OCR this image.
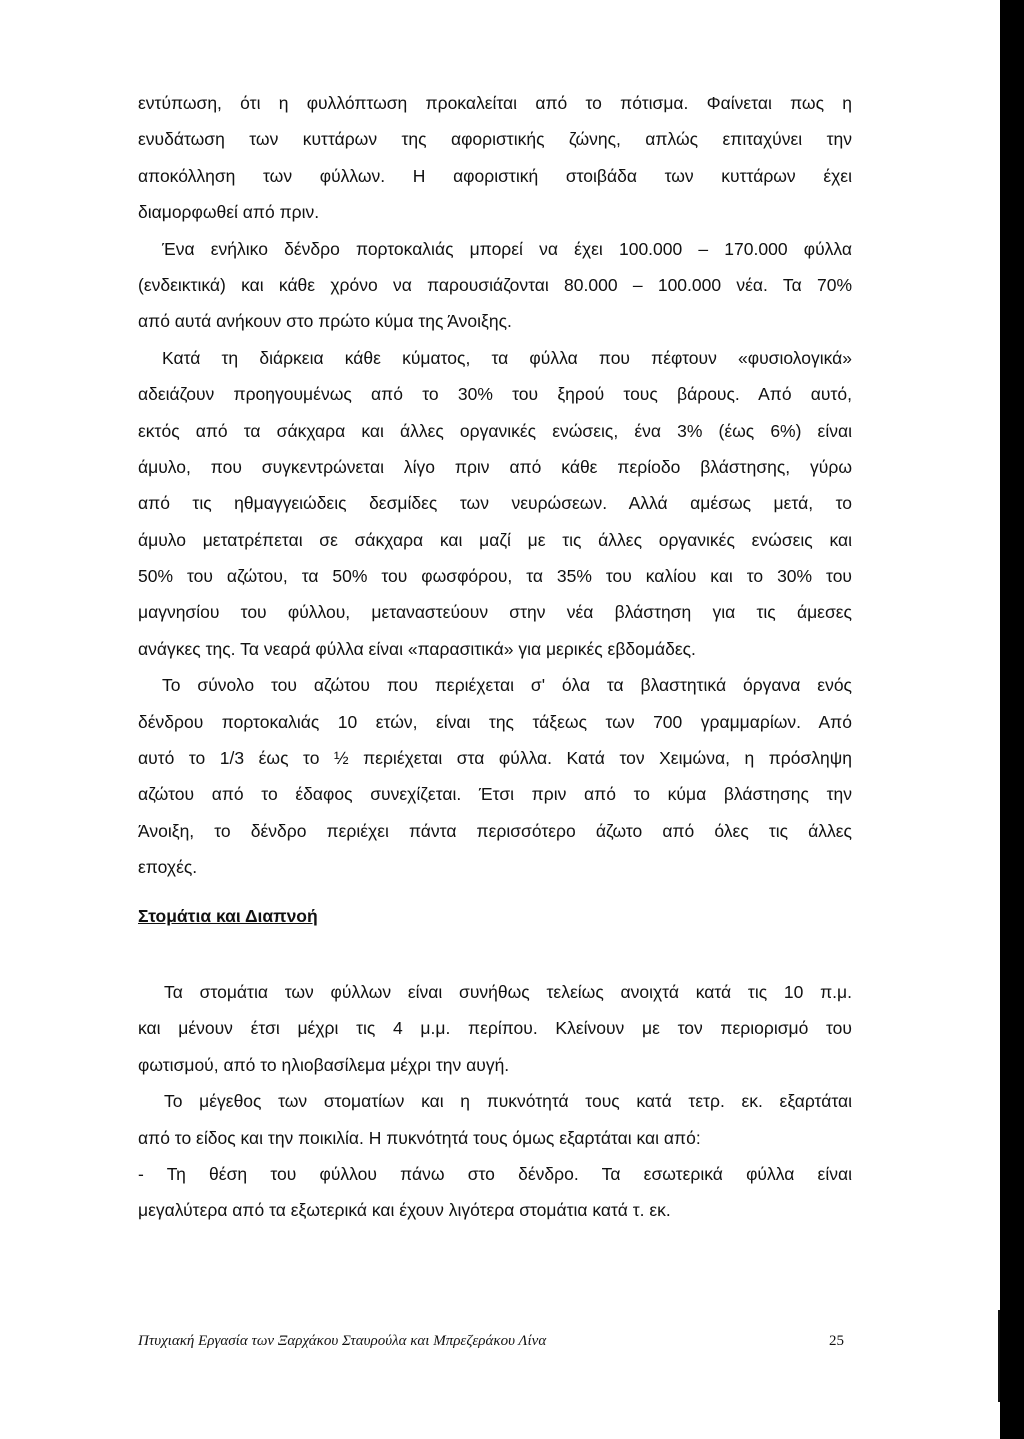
εντύπωση, ότι η φυλλόπτωση προκαλείται από το πότισμα. Φαίνεται πως η
ενυδάτωση των κυττάρων της αφοριστικής ζώνης, απλώς επιταχύνει την
αποκόλληση των φύλλων. Η αφοριστική στοιβάδα των κυττάρων έχει
διαμορφωθεί από πριν.
Ένα ενήλικο δένδρο πορτοκαλιάς μπορεί να έχει 100.000 – 170.000 φύλλα
(ενδεικτικά) και κάθε χρόνο να παρουσιάζονται 80.000 – 100.000 νέα. Τα 70%
από αυτά ανήκουν στο πρώτο κύμα της Άνοιξης.
Κατά τη διάρκεια κάθε κύματος, τα φύλλα που πέφτουν «φυσιολογικά»
αδειάζουν προηγουμένως από το 30% του ξηρού τους βάρους. Από αυτό,
εκτός από τα σάκχαρα και άλλες οργανικές ενώσεις, ένα 3% (έως 6%) είναι
άμυλο, που συγκεντρώνεται λίγο πριν από κάθε περίοδο βλάστησης, γύρω
από τις ηθμαγγειώδεις δεσμίδες των νευρώσεων. Αλλά αμέσως μετά, το
άμυλο μετατρέπεται σε σάκχαρα και μαζί με τις άλλες οργανικές ενώσεις και
50% του αζώτου, τα 50% του φωσφόρου, τα 35% του καλίου και το 30% του
μαγνησίου του φύλλου, μεταναστεύουν στην νέα βλάστηση για τις άμεσες
ανάγκες της. Τα νεαρά φύλλα είναι «παρασιτικά» για μερικές εβδομάδες.
Το σύνολο του αζώτου που περιέχεται σ' όλα τα βλαστητικά όργανα ενός
δένδρου πορτοκαλιάς 10 ετών, είναι της τάξεως των 700 γραμμαρίων. Από
αυτό το 1/3 έως το ½ περιέχεται στα φύλλα. Κατά τον Χειμώνα, η πρόσληψη
αζώτου από το έδαφος συνεχίζεται. Έτσι πριν από το κύμα βλάστησης την
Άνοιξη, το δένδρο περιέχει πάντα περισσότερο άζωτο από όλες τις άλλες
εποχές.
Στομάτια και Διαπνοή
Τα στομάτια των φύλλων είναι συνήθως τελείως ανοιχτά κατά τις 10 π.μ.
και μένουν έτσι μέχρι τις 4 μ.μ. περίπου. Κλείνουν με τον περιορισμό του
φωτισμού, από το ηλιοβασίλεμα μέχρι την αυγή.
Το μέγεθος των στοματίων και η πυκνότητά τους κατά τετρ. εκ. εξαρτάται
από το είδος και την ποικιλία. Η πυκνότητά τους όμως εξαρτάται και από:
- Τη θέση του φύλλου πάνω στο δένδρο. Τα εσωτερικά φύλλα είναι
μεγαλύτερα από τα εξωτερικά και έχουν λιγότερα στομάτια κατά τ. εκ.
Πτυχιακή Εργασία των Ξαρχάκου Σταυρούλα και Μπρεζεράκου Λίνα	25
